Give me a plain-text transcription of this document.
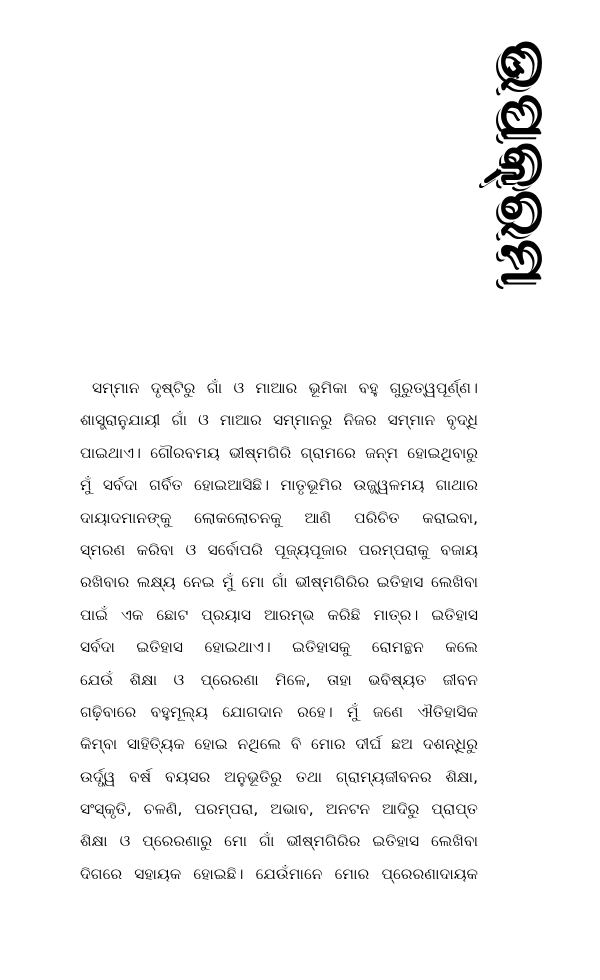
ଉପକ୍ରମ
ସମ୍ମାନ ଦୃଷ୍ଟିରୁ ଗାଁ ଓ ମାଆର ଭୂମିକା ବହୁ ଗୁରୁତ୍ୱପୂର୍ଣ୍ଣ।
ଶାସ୍ତ୍ରାନୁଯାୟୀ ଗାଁ ଓ ମାଆର ସମ୍ମାନରୁ ନିଜର ସମ୍ମାନ ବୃଦ୍ଧି
ପାଇଥାଏ। ଗୌରବମୟ ଭୀଷ୍ମଗିରି ଗ୍ରାମରେ ଜନ୍ମ ହୋଇଥିବାରୁ
ମୁଁ ସର୍ବଦା ଗର୍ବିତ ହୋଇଆସିଛି। ମାତୃଭୂମିର ଉଜ୍ଜ୍ୱଳମୟ ଗାଥାର
ଦାୟାଦମାନଙ୍କୁ ଲୋକଲୋଚନକୁ ଆଣି ପରିଚିତ କରାଇବା,
ସ୍ମରଣ କରିବା ଓ ସର୍ବୋପରି ପୂଜ୍ୟପୂଜାର ପରମ୍ପରାକୁ ବଜାୟ
ରଖିବାର ଲକ୍ଷ୍ୟ ନେଇ ମୁଁ ମୋ ଗାଁ ଭୀଷ୍ମଗିରିର ଇତିହାସ ଲେଖିବା
ପାଇଁ ଏକ ଛୋଟ ପ୍ରୟାସ ଆରମ୍ଭ କରିଛି ମାତ୍ର। ଇତିହାସ
ସର୍ବଦା ଇତିହାସ ହୋଇଥାଏ। ଇତିହାସକୁ ରୋମନ୍ଥନ କଲେ
ଯେଉଁ ଶିକ୍ଷା ଓ ପ୍ରେରଣା ମିଳେ, ତାହା ଭବିଷ୍ୟତ ଜୀବନ
ଗଢ଼ିବାରେ ବହୁମୂଲ୍ୟ ଯୋଗଦାନ ରହେ। ମୁଁ ଜଣେ ଐତିହାସିକ
କିମ୍ବା ସାହିତ୍ୟିକ ହୋଇ ନଥିଲେ ବି ମୋର ଦୀର୍ଘ ଛଅ ଦଶନ୍ଧିରୁ
ଉର୍ଦ୍ଧ୍ୱ ବର୍ଷ ବୟସର ଅନୁଭୂତିରୁ ତଥା ଗ୍ରାମ୍ୟଜୀବନର ଶିକ୍ଷା,
ସଂସ୍କୃତି, ଚଳଣି, ପରମ୍ପରା, ଅଭାବ, ଅନଟନ ଆଦିରୁ ପ୍ରାପ୍ତ
ଶିକ୍ଷା ଓ ପ୍ରେରଣାରୁ ମୋ ଗାଁ ଭୀଷ୍ମଗିରିର ଇତିହାସ ଲେଖିବା
ଦିଗରେ ସହାୟକ ହୋଇଛି। ଯେଉଁମାନେ ମୋର ପ୍ରେରଣାଦାୟକ
